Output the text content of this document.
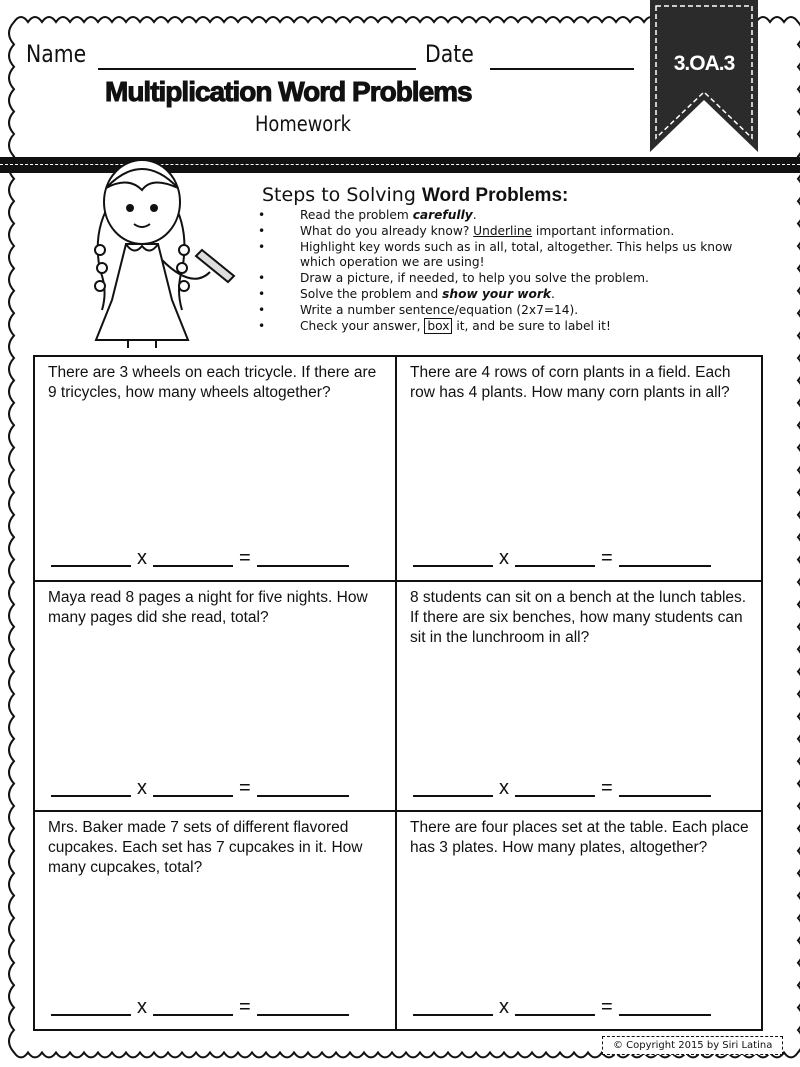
Name	Date
Multiplication Word Problems
Homework
3.OA.3
Steps to Solving Word Problems:
• Read the problem carefully.
• What do you already know? Underline important information.
• Highlight key words such as in all, total, altogether. This helps us know which operation we are using!
• Draw a picture, if needed, to help you solve the problem.
• Solve the problem and show your work.
• Write a number sentence/equation (2x7=14).
• Check your answer, box it, and be sure to label it!
There are 3 wheels on each tricycle. If there are 9 tricycles, how many wheels altogether?
x	=
There are 4 rows of corn plants in a field. Each row has 4 plants. How many corn plants in all?
x	=
Maya read 8 pages a night for five nights. How many pages did she read, total?
x	=
8 students can sit on a bench at the lunch tables. If there are six benches, how many students can sit in the lunchroom in all?
x	=
Mrs. Baker made 7 sets of different flavored cupcakes. Each set has 7 cupcakes in it. How many cupcakes, total?
x	=
There are four places set at the table. Each place has 3 plates. How many plates, altogether?
x	=
© Copyright 2015 by Siri Latina
